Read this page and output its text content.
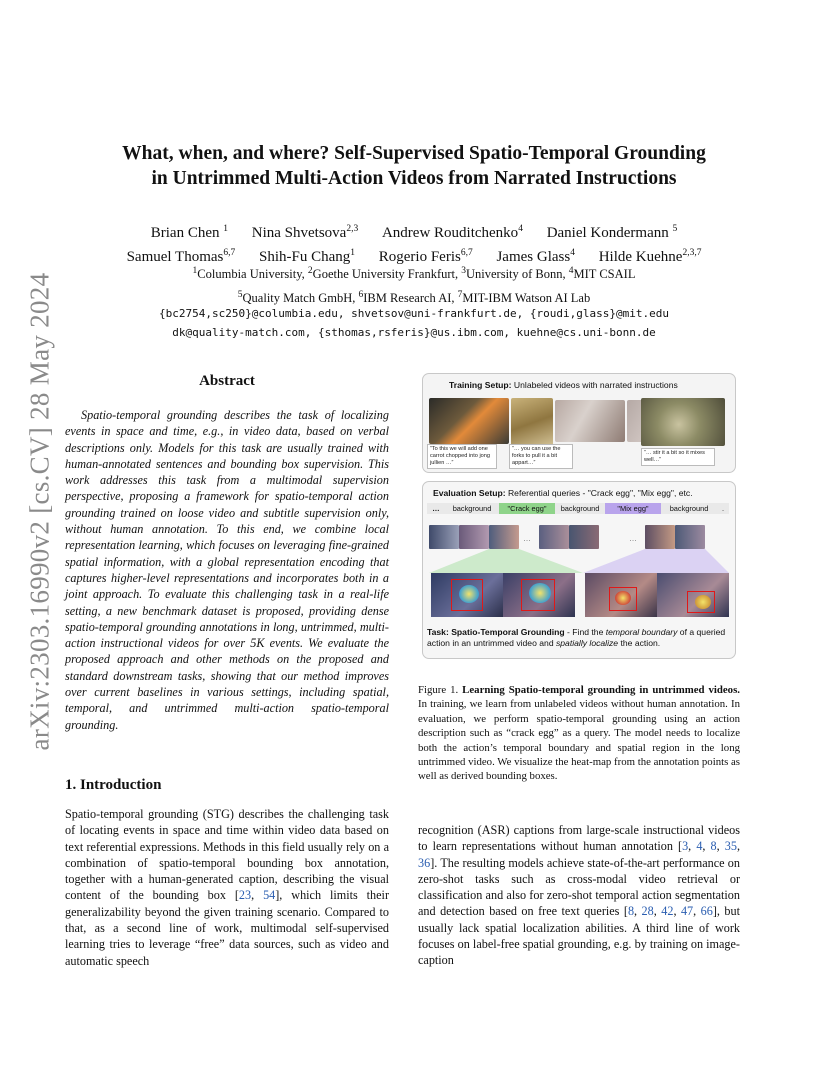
arXiv:2303.16990v2 [cs.CV] 28 May 2024
What, when, and where? Self-Supervised Spatio-Temporal Grounding
in Untrimmed Multi-Action Videos from Narrated Instructions
Brian Chen $^1$ Nina Shvetsova$^{2,3}$ Andrew Rouditchenko$^4$ Daniel Kondermann $^5$
Samuel Thomas$^{6,7}$ Shih-Fu Chang$^1$ Rogerio Feris$^{6,7}$ James Glass$^4$ Hilde Kuehne$^{2,3,7}$
$^1$Columbia University, $^2$Goethe University Frankfurt, $^3$University of Bonn, $^4$MIT CSAIL
$^5$Quality Match GmbH, $^6$IBM Research AI, $^7$MIT-IBM Watson AI Lab
{bc2754,sc250}@columbia.edu, shvetsov@uni-frankfurt.de, {roudi,glass}@mit.edu
dk@quality-match.com, {sthomas,rsferis}@us.ibm.com, kuehne@cs.uni-bonn.de
Abstract
Spatio-temporal grounding describes the task of localizing events in space and time, e.g., in video data, based on verbal descriptions only. Models for this task are usually trained with human-annotated sentences and bounding box supervision. This work addresses this task from a multimodal supervision perspective, proposing a framework for spatio-temporal action grounding trained on loose video and subtitle supervision only, without human annotation. To this end, we combine local representation learning, which focuses on leveraging fine-grained spatial information, with a global representation encoding that captures higher-level representations and incorporates both in a joint approach. To evaluate this challenging task in a real-life setting, a new benchmark dataset is proposed, providing dense spatio-temporal grounding annotations in long, untrimmed, multi-action instructional videos for over 5K events. We evaluate the proposed approach and other methods on the proposed and standard downstream tasks, showing that our method improves over current baselines in various settings, including spatial, temporal, and untrimmed multi-action spatio-temporal grounding.
1. Introduction
Spatio-temporal grounding (STG) describes the challenging task of locating events in space and time within video data based on text referential expressions. Methods in this field usually rely on a combination of spatio-temporal bounding box annotation, together with a human-generated caption, describing the visual content of the bounding box [23, 54], which limits their generalizability beyond the given training scenario. Compared to that, as a second line of work, multimodal self-supervised learning tries to leverage “free” data sources, such as video and automatic speech
recognition (ASR) captions from large-scale instructional videos to learn representations without human annotation [3, 4, 8, 35, 36]. The resulting models achieve state-of-the-art performance on zero-shot tasks such as cross-modal video retrieval or classification and also for zero-shot temporal action segmentation and detection based on free text queries [8, 28, 42, 47, 66], but usually lack spatial localization abilities. A third line of work focuses on label-free spatial grounding, e.g. by training on image-caption
Training Setup: Unlabeled videos with narrated instructions
“To this we will add one carrot chopped into jong jullien …”
“… you can use the forks to pull it a bit appart…”
“… stir it a bit so it mixes well…”
Evaluation Setup: Referential queries - "Crack egg", "Mix egg", etc.
…	background	"Crack egg"	background	"Mix egg"	background	.
…	…
Task: Spatio-Temporal Grounding - Find the temporal boundary of a queried action in an untrimmed video and spatially localize the action.
Figure 1. Learning Spatio-temporal grounding in untrimmed videos. In training, we learn from unlabeled videos without human annotation. In evaluation, we perform spatio-temporal grounding using an action description such as “crack egg” as a query. The model needs to localize both the action’s temporal boundary and spatial region in the long untrimmed video. We visualize the heat-map from the annotation points as well as derived bounding boxes.
